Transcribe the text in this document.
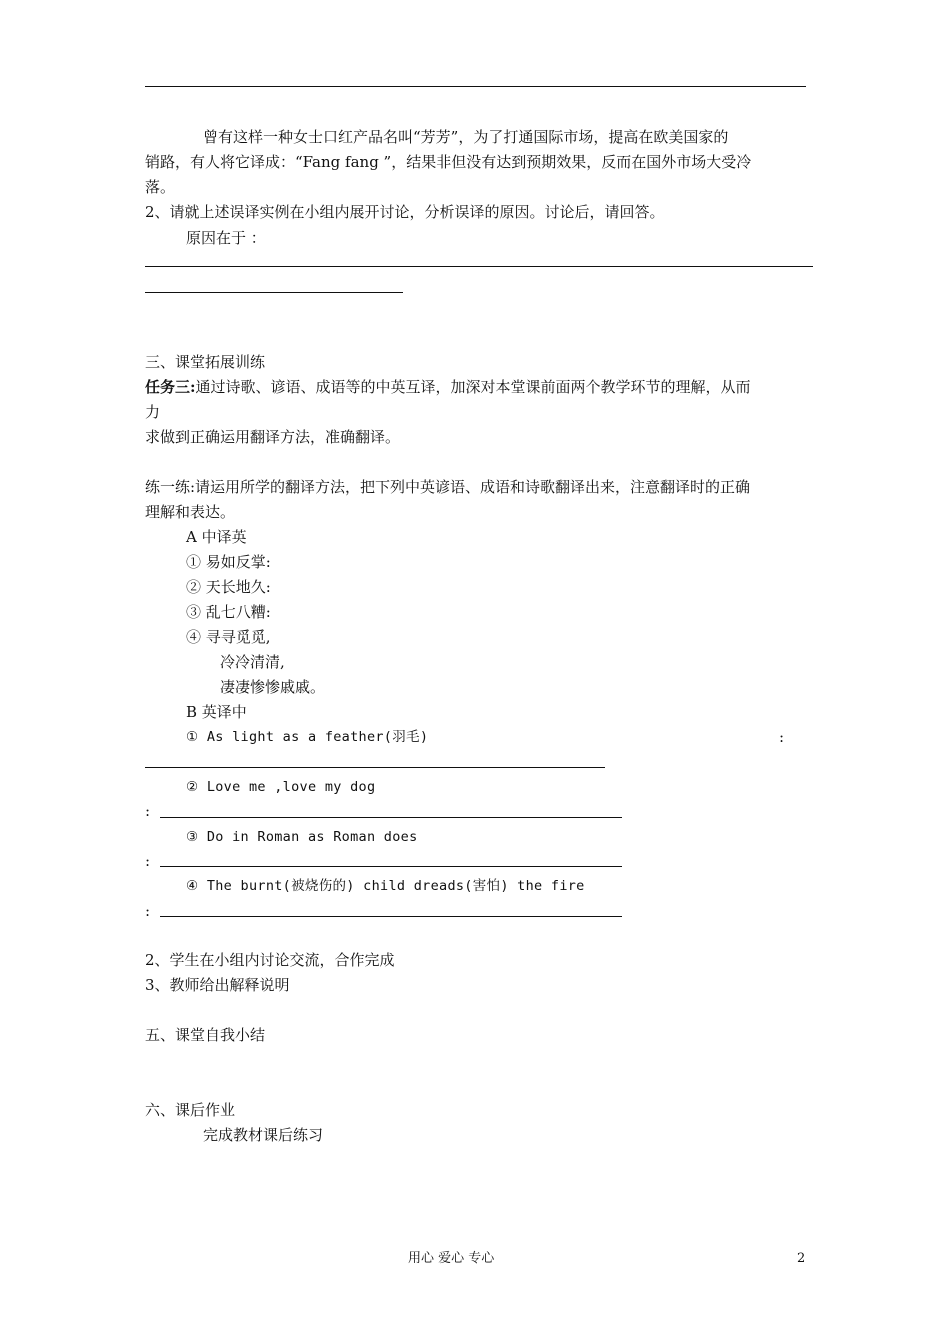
曾有这样一种女士口红产品名叫“芳芳”，为了打通国际市场，提高在欧美国家的
销路，有人将它译成：“Fang fang ”，结果非但没有达到预期效果，反而在国外市场大受冷
落。
2、请就上述误译实例在小组内展开讨论，分析误译的原因。讨论后，请回答。
原因在于 ：
三、课堂拓展训练
任务三:通过诗歌、谚语、成语等的中英互译，加深对本堂课前面两个教学环节的理解，从而
力
求做到正确运用翻译方法，准确翻译。
练一练:请运用所学的翻译方法，把下列中英谚语、成语和诗歌翻译出来，注意翻译时的正确
理解和表达。
A 中译英
① 易如反掌:
② 天长地久:
③ 乱七八糟:
④ 寻寻觅觅,
冷冷清清,
凄凄惨惨戚戚。
B 英译中
① As light as a feather(羽毛)	:
② Love me ,love my dog
:
③ Do in Roman as Roman does
:
④ The burnt(被烧伤的) child dreads(害怕) the fire
:
2、学生在小组内讨论交流，合作完成
3、教师给出解释说明
五、课堂自我小结
六、课后作业
完成教材课后练习
用心 爱心 专心	2
